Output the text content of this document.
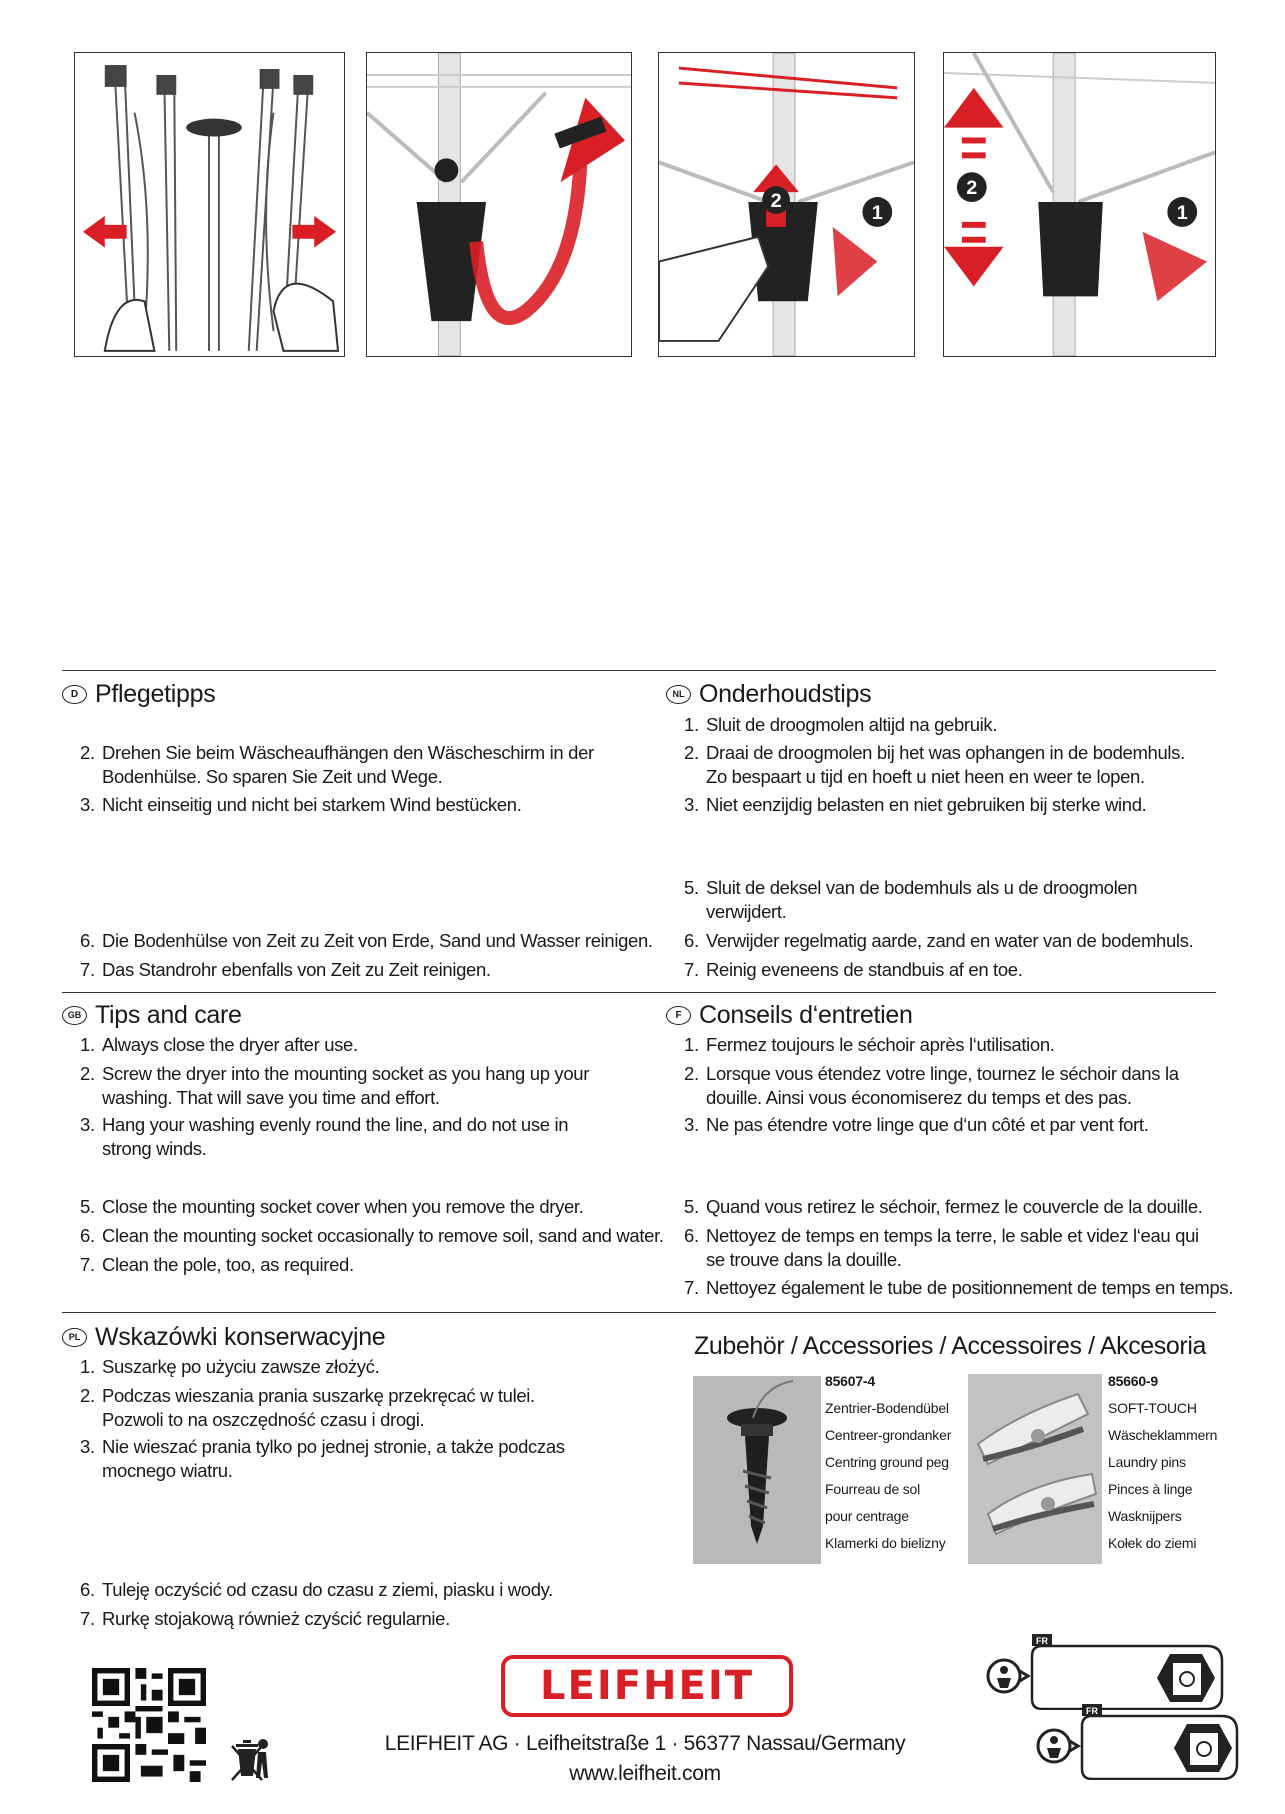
2
1
2
1
D Pflegetipps
2. Drehen Sie beim Wäscheaufhängen den Wäscheschirm in der Bodenhülse. So sparen Sie Zeit und Wege.
3. Nicht einseitig und nicht bei starkem Wind bestücken.
6. Die Bodenhülse von Zeit zu Zeit von Erde, Sand und Wasser reinigen.
7. Das Standrohr ebenfalls von Zeit zu Zeit reinigen.
NL Onderhoudstips
1. Sluit de droogmolen altijd na gebruik.
2. Draai de droogmolen bij het was ophangen in de bodemhuls. Zo bespaart u tijd en hoeft u niet heen en weer te lopen.
3. Niet eenzijdig belasten en niet gebruiken bij sterke wind.
5. Sluit de deksel van de bodemhuls als u de droogmolen verwijdert.
6. Verwijder regelmatig aarde, zand en water van de bodemhuls.
7. Reinig eveneens de standbuis af en toe.
GB Tips and care
1. Always close the dryer after use.
2. Screw the dryer into the mounting socket as you hang up your washing. That will save you time and effort.
3. Hang your washing evenly round the line, and do not use in strong winds.
5. Close the mounting socket cover when you remove the dryer.
6. Clean the mounting socket occasionally to remove soil, sand and water.
7. Clean the pole, too, as required.
F Conseils d‘entretien
1. Fermez toujours le séchoir après l‘utilisation.
2. Lorsque vous étendez votre linge, tournez le séchoir dans la douille. Ainsi vous économiserez du temps et des pas.
3. Ne pas étendre votre linge que d‘un côté et par vent fort.
5. Quand vous retirez le séchoir, fermez le couvercle de la douille.
6. Nettoyez de temps en temps la terre, le sable et videz l‘eau qui se trouve dans la douille.
7. Nettoyez également le tube de positionnement de temps en temps.
PL Wskazówki konserwacyjne
1. Suszarkę po użyciu zawsze złożyć.
2. Podczas wieszania prania suszarkę przekręcać w tulei. Pozwoli to na oszczędność czasu i drogi.
3. Nie wieszać prania tylko po jednej stronie, a także podczas mocnego wiatru.
6. Tuleję oczyścić od czasu do czasu z ziemi, piasku i wody.
7. Rurkę stojakową również czyścić regularnie.
Zubehör / Accessories / Accessoires / Akcesoria
85607-4
Zentrier-Bodendübel
Centreer-grondanker
Centring ground peg
Fourreau de sol
pour centrage
Klamerki do bielizny
85660-9
SOFT-TOUCH
Wäscheklammern
Laundry pins
Pinces à linge
Wasknijpers
Kołek do ziemi
LEIFHEIT
LEIFHEIT AG · Leifheitstraße 1 · 56377 Nassau/Germany
www.leifheit.com
FR
FR
